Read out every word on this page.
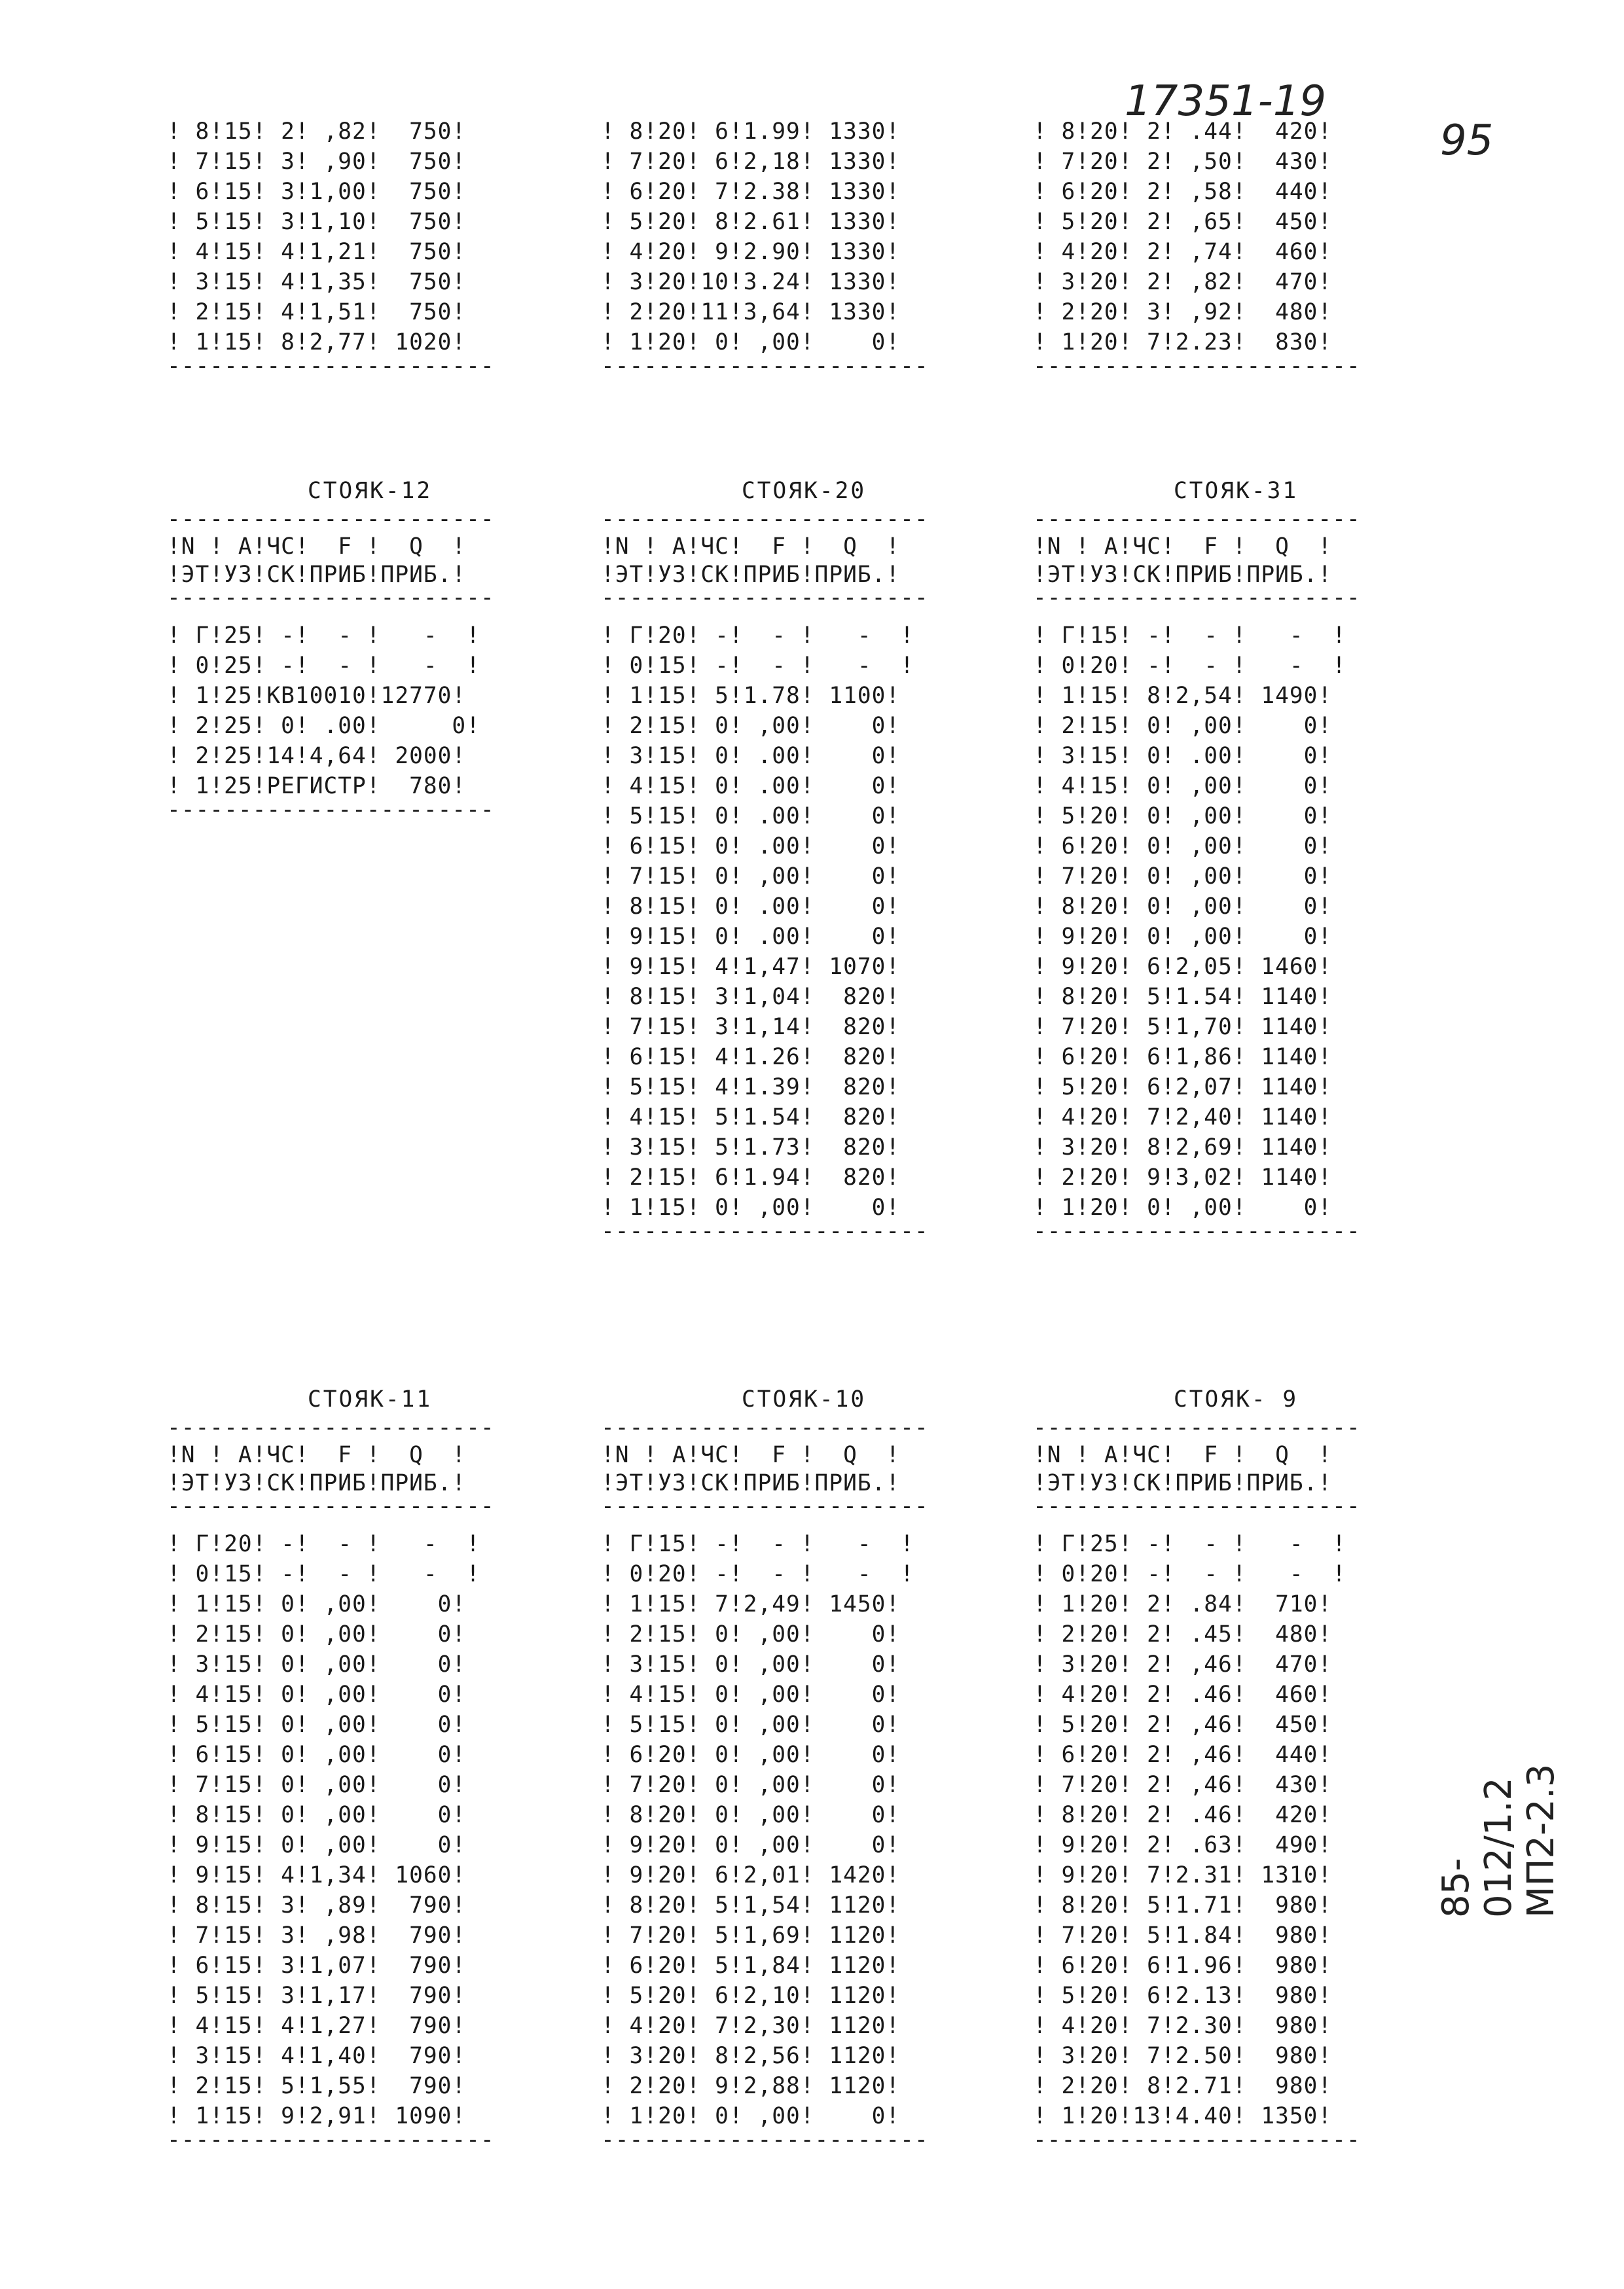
17351-19
95
85-012/1.2 МП2-2.3
! 8!15! 2! ,82!  750!
! 7!15! 3! ,90!  750!
! 6!15! 3!1,00!  750!
! 5!15! 3!1,10!  750!
! 4!15! 4!1,21!  750!
! 3!15! 4!1,35!  750!
! 2!15! 4!1,51!  750!
! 1!15! 8!2,77! 1020!
-----------------------
! 8!20! 6!1.99! 1330!
! 7!20! 6!2,18! 1330!
! 6!20! 7!2.38! 1330!
! 5!20! 8!2.61! 1330!
! 4!20! 9!2.90! 1330!
! 3!20!10!3.24! 1330!
! 2!20!11!3,64! 1330!
! 1!20! 0! ,00!    0!
-----------------------
! 8!20! 2! .44!  420!
! 7!20! 2! ,50!  430!
! 6!20! 2! ,58!  440!
! 5!20! 2! ,65!  450!
! 4!20! 2! ,74!  460!
! 3!20! 2! ,82!  470!
! 2!20! 3! ,92!  480!
! 1!20! 7!2.23!  830!
-----------------------
СТОЯК-12
-----------------------
!N ! А!ЧС!  F !  Q  !
!ЭТ!УЗ!СК!ПРИБ!ПРИБ.!
-----------------------
! Г!25! -!  - !   -  !
! 0!25! -!  - !   -  !
! 1!25!КВ10010!12770!
! 2!25! 0! .00!     0!
! 2!25!14!4,64! 2000!
! 1!25!РЕГИСТР!  780!
-----------------------
СТОЯК-20
-----------------------
!N ! А!ЧС!  F !  Q  !
!ЭТ!УЗ!СК!ПРИБ!ПРИБ.!
-----------------------
! Г!20! -!  - !   -  !
! 0!15! -!  - !   -  !
! 1!15! 5!1.78! 1100!
! 2!15! 0! ,00!    0!
! 3!15! 0! .00!    0!
! 4!15! 0! .00!    0!
! 5!15! 0! .00!    0!
! 6!15! 0! .00!    0!
! 7!15! 0! ,00!    0!
! 8!15! 0! .00!    0!
! 9!15! 0! .00!    0!
! 9!15! 4!1,47! 1070!
! 8!15! 3!1,04!  820!
! 7!15! 3!1,14!  820!
! 6!15! 4!1.26!  820!
! 5!15! 4!1.39!  820!
! 4!15! 5!1.54!  820!
! 3!15! 5!1.73!  820!
! 2!15! 6!1.94!  820!
! 1!15! 0! ,00!    0!
-----------------------
СТОЯК-31
-----------------------
!N ! А!ЧС!  F !  Q  !
!ЭТ!УЗ!СК!ПРИБ!ПРИБ.!
-----------------------
! Г!15! -!  - !   -  !
! 0!20! -!  - !   -  !
! 1!15! 8!2,54! 1490!
! 2!15! 0! ,00!    0!
! 3!15! 0! .00!    0!
! 4!15! 0! ,00!    0!
! 5!20! 0! ,00!    0!
! 6!20! 0! ,00!    0!
! 7!20! 0! ,00!    0!
! 8!20! 0! ,00!    0!
! 9!20! 0! ,00!    0!
! 9!20! 6!2,05! 1460!
! 8!20! 5!1.54! 1140!
! 7!20! 5!1,70! 1140!
! 6!20! 6!1,86! 1140!
! 5!20! 6!2,07! 1140!
! 4!20! 7!2,40! 1140!
! 3!20! 8!2,69! 1140!
! 2!20! 9!3,02! 1140!
! 1!20! 0! ,00!    0!
-----------------------
СТОЯК-11
-----------------------
!N ! А!ЧС!  F !  Q  !
!ЭТ!УЗ!СК!ПРИБ!ПРИБ.!
-----------------------
! Г!20! -!  - !   -  !
! 0!15! -!  - !   -  !
! 1!15! 0! ,00!    0!
! 2!15! 0! ,00!    0!
! 3!15! 0! ,00!    0!
! 4!15! 0! ,00!    0!
! 5!15! 0! ,00!    0!
! 6!15! 0! ,00!    0!
! 7!15! 0! ,00!    0!
! 8!15! 0! ,00!    0!
! 9!15! 0! ,00!    0!
! 9!15! 4!1,34! 1060!
! 8!15! 3! ,89!  790!
! 7!15! 3! ,98!  790!
! 6!15! 3!1,07!  790!
! 5!15! 3!1,17!  790!
! 4!15! 4!1,27!  790!
! 3!15! 4!1,40!  790!
! 2!15! 5!1,55!  790!
! 1!15! 9!2,91! 1090!
-----------------------
СТОЯК-10
-----------------------
!N ! А!ЧС!  F !  Q  !
!ЭТ!УЗ!СК!ПРИБ!ПРИБ.!
-----------------------
! Г!15! -!  - !   -  !
! 0!20! -!  - !   -  !
! 1!15! 7!2,49! 1450!
! 2!15! 0! ,00!    0!
! 3!15! 0! ,00!    0!
! 4!15! 0! ,00!    0!
! 5!15! 0! ,00!    0!
! 6!20! 0! ,00!    0!
! 7!20! 0! ,00!    0!
! 8!20! 0! ,00!    0!
! 9!20! 0! ,00!    0!
! 9!20! 6!2,01! 1420!
! 8!20! 5!1,54! 1120!
! 7!20! 5!1,69! 1120!
! 6!20! 5!1,84! 1120!
! 5!20! 6!2,10! 1120!
! 4!20! 7!2,30! 1120!
! 3!20! 8!2,56! 1120!
! 2!20! 9!2,88! 1120!
! 1!20! 0! ,00!    0!
-----------------------
СТОЯК- 9
-----------------------
!N ! А!ЧС!  F !  Q  !
!ЭТ!УЗ!СК!ПРИБ!ПРИБ.!
-----------------------
! Г!25! -!  - !   -  !
! 0!20! -!  - !   -  !
! 1!20! 2! .84!  710!
! 2!20! 2! .45!  480!
! 3!20! 2! ,46!  470!
! 4!20! 2! .46!  460!
! 5!20! 2! ,46!  450!
! 6!20! 2! ,46!  440!
! 7!20! 2! ,46!  430!
! 8!20! 2! .46!  420!
! 9!20! 2! .63!  490!
! 9!20! 7!2.31! 1310!
! 8!20! 5!1.71!  980!
! 7!20! 5!1.84!  980!
! 6!20! 6!1.96!  980!
! 5!20! 6!2.13!  980!
! 4!20! 7!2.30!  980!
! 3!20! 7!2.50!  980!
! 2!20! 8!2.71!  980!
! 1!20!13!4.40! 1350!
-----------------------
